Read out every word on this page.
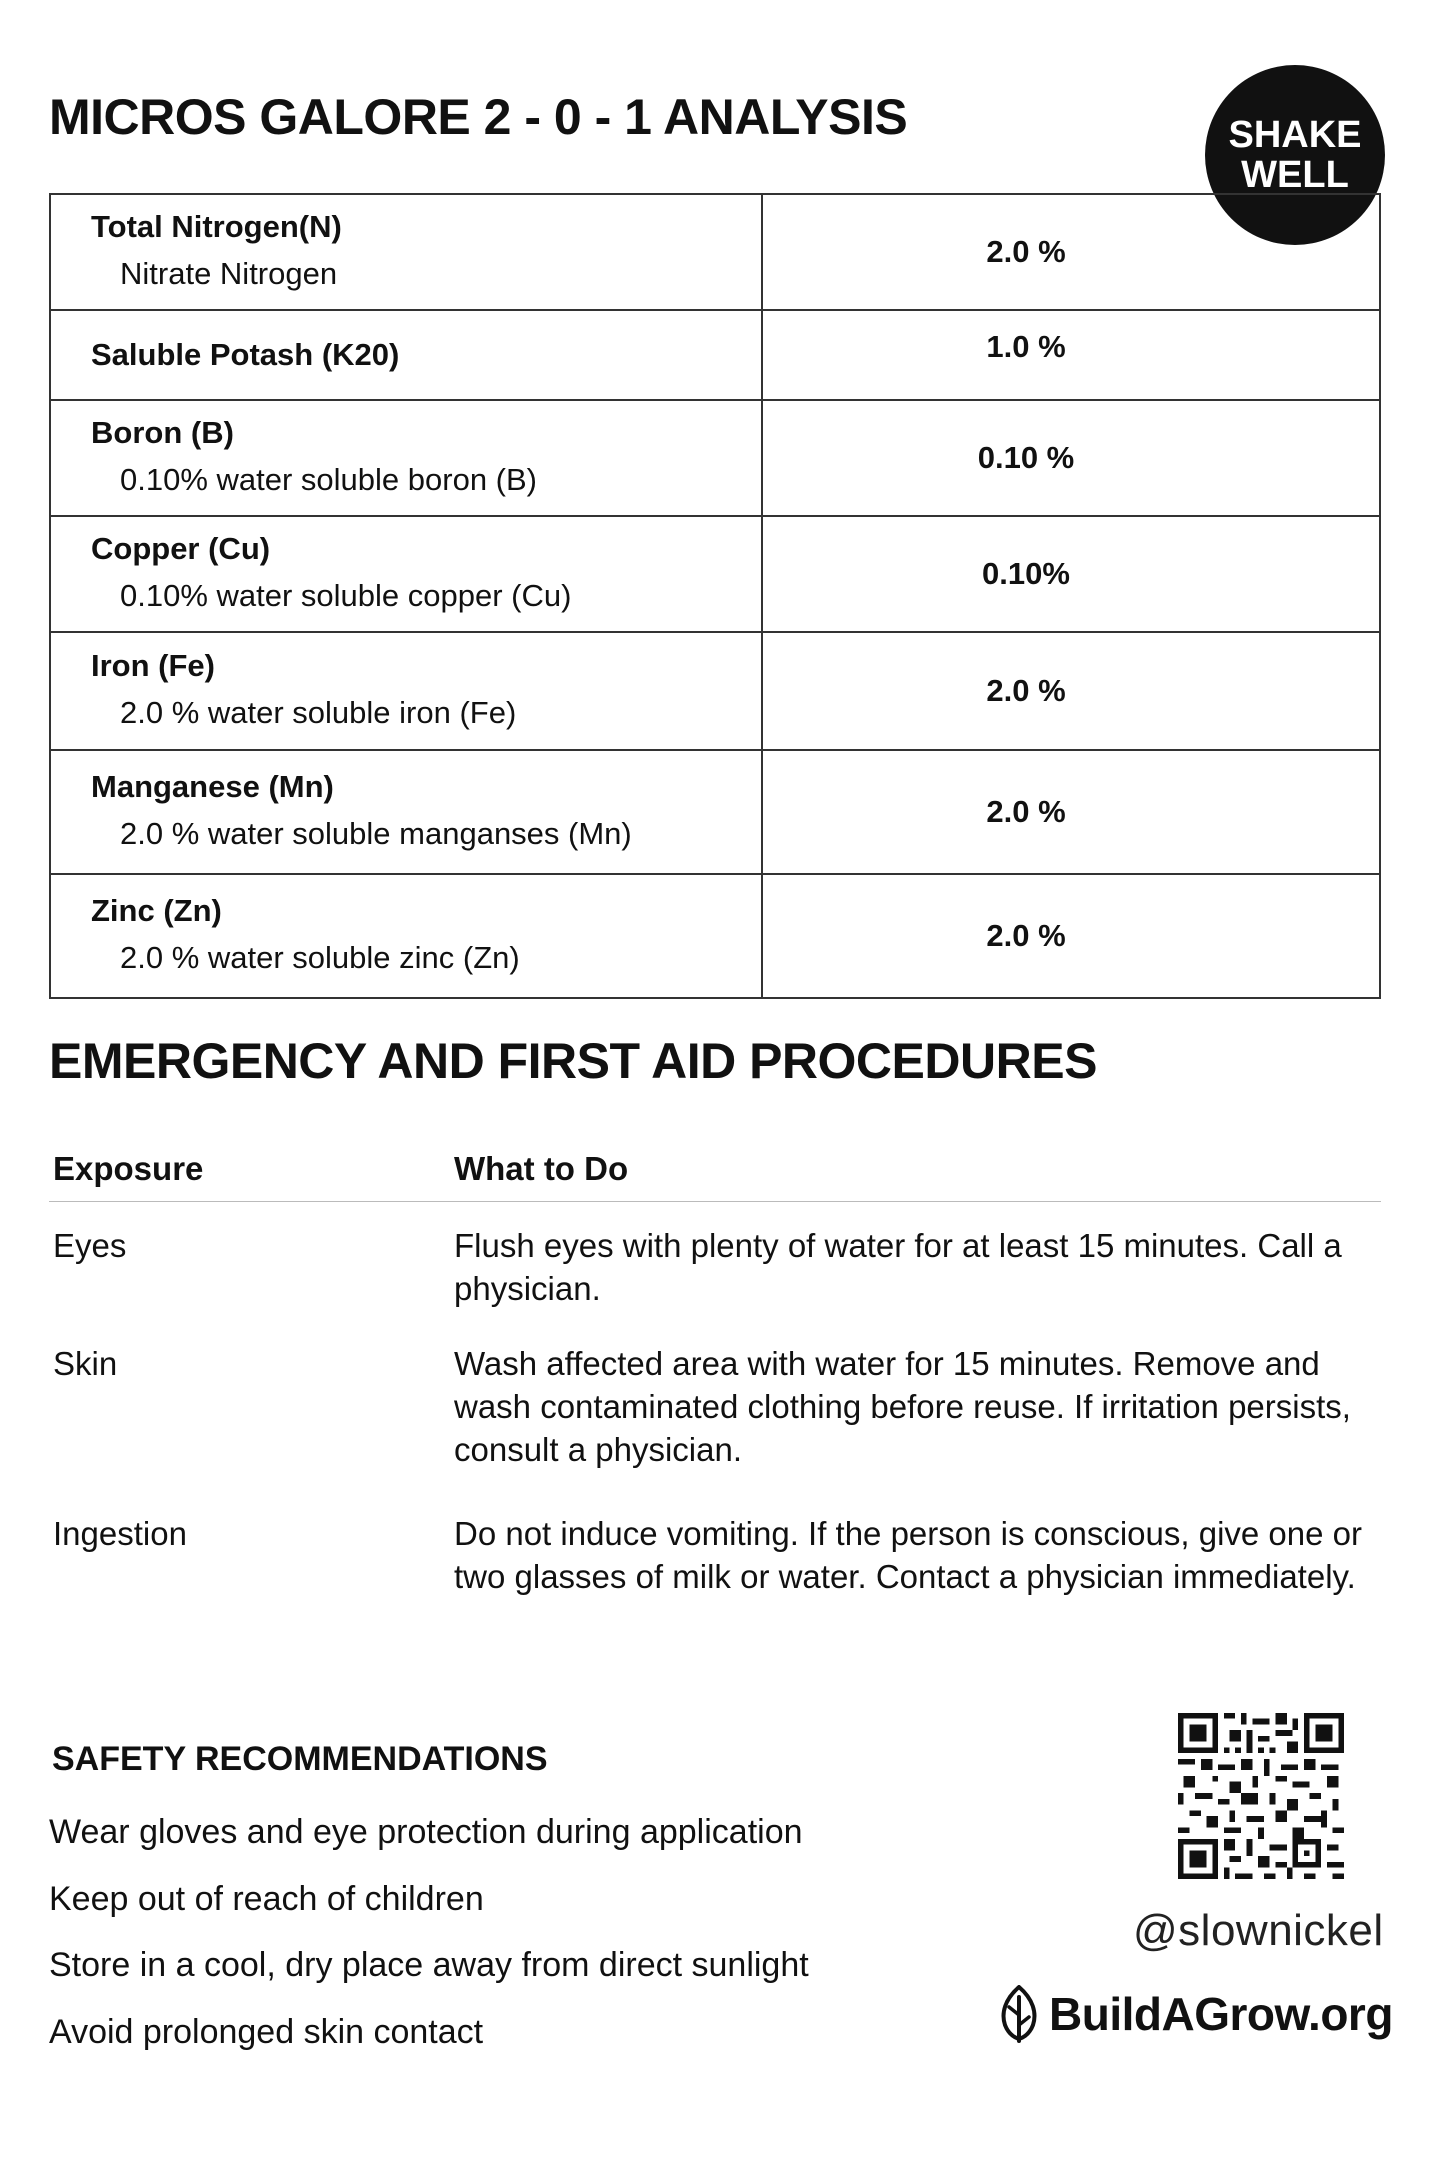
MICROS GALORE 2 - 0 - 1 ANALYSIS	SHAKE
WELL
Total Nitrogen(N)
Nitrate Nitrogen	2.0 %

Saluble Potash (K20)	1.0 %

Boron (B)
0.10% water soluble boron (B)	0.10 %

Copper (Cu)
0.10% water soluble copper (Cu)	0.10%

Iron (Fe)
2.0 % water soluble iron (Fe)	2.0 %

Manganese (Mn)
2.0 % water soluble manganses (Mn)	2.0 %

Zinc (Zn)
2.0 % water soluble zinc (Zn)	2.0 %
EMERGENCY AND FIRST AID PROCEDURES
Exposure	What to Do
Eyes	Flush eyes with plenty of water for at least 15 minutes. Call a physician.
Skin	Wash affected area with water for 15 minutes. Remove and wash contaminated clothing before reuse. If irritation persists, consult a physician.
Ingestion	Do not induce vomiting. If the person is conscious, give one or two glasses of milk or water. Contact a physician immediately.
SAFETY RECOMMENDATIONS
Wear gloves and eye protection during application
Keep out of reach of children
Store in a cool, dry place away from direct sunlight
Avoid prolonged skin contact
@slownickel
BuildAGrow.org
